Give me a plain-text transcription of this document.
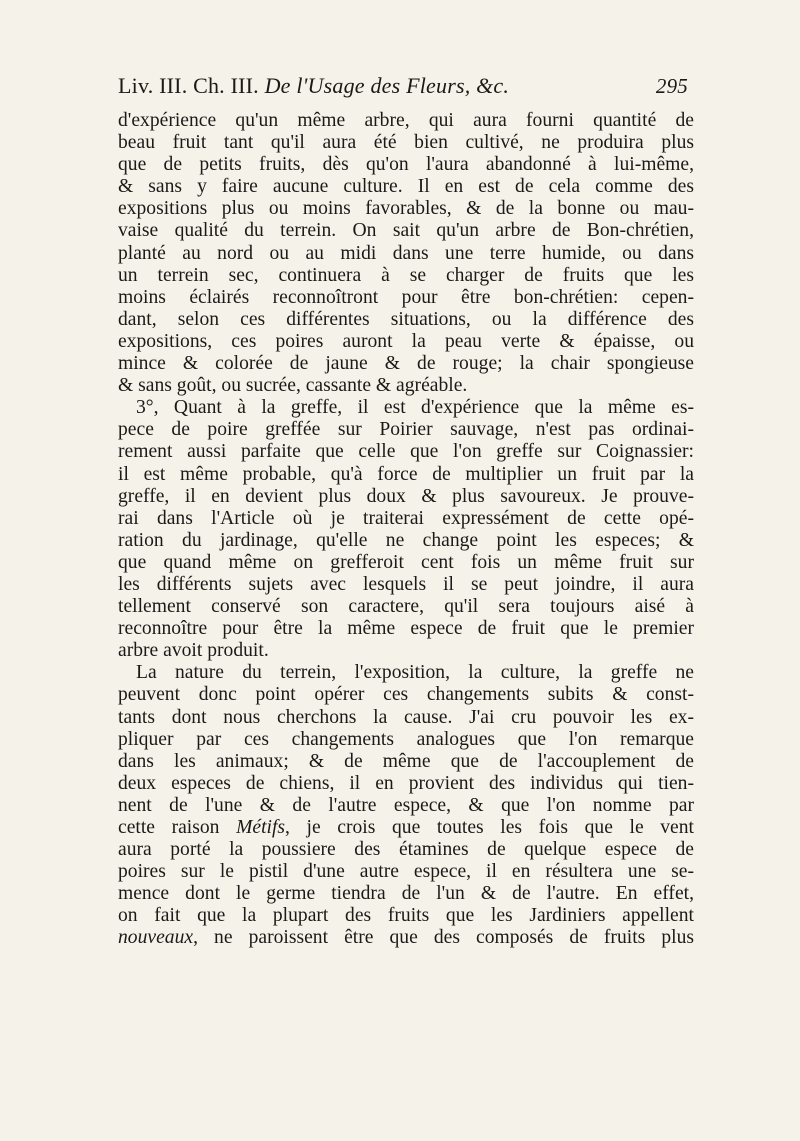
Liv. III. Ch. III. De l'Usage des Fleurs, &c.	295

d'expérience qu'un même arbre, qui aura fourni quantité de
beau fruit tant qu'il aura été bien cultivé, ne produira plus
que de petits fruits, dès qu'on l'aura abandonné à lui-même,
& sans y faire aucune culture. Il en est de cela comme des
expositions plus ou moins favorables, & de la bonne ou mau-
vaise qualité du terrein. On sait qu'un arbre de Bon-chrétien,
planté au nord ou au midi dans une terre humide, ou dans
un terrein sec, continuera à se charger de fruits que les
moins éclairés reconnoîtront pour être bon-chrétien: cepen-
dant, selon ces différentes situations, ou la différence des
expositions, ces poires auront la peau verte & épaisse, ou
mince & colorée de jaune & de rouge; la chair spongieuse
& sans goût, ou sucrée, cassante & agréable.

3°, Quant à la greffe, il est d'expérience que la même es-
pece de poire greffée sur Poirier sauvage, n'est pas ordinai-
rement aussi parfaite que celle que l'on greffe sur Coignassier:
il est même probable, qu'à force de multiplier un fruit par la
greffe, il en devient plus doux & plus savoureux. Je prouve-
rai dans l'Article où je traiterai expressément de cette opé-
ration du jardinage, qu'elle ne change point les especes; &
que quand même on grefferoit cent fois un même fruit sur
les différents sujets avec lesquels il se peut joindre, il aura
tellement conservé son caractere, qu'il sera toujours aisé à
reconnoître pour être la même espece de fruit que le premier
arbre avoit produit.

La nature du terrein, l'exposition, la culture, la greffe ne
peuvent donc point opérer ces changements subits & const-
tants dont nous cherchons la cause. J'ai cru pouvoir les ex-
pliquer par ces changements analogues que l'on remarque
dans les animaux; & de même que de l'accouplement de
deux especes de chiens, il en provient des individus qui tien-
nent de l'une & de l'autre espece, & que l'on nomme par
cette raison Métifs, je crois que toutes les fois que le vent
aura porté la poussiere des étamines de quelque espece de
poires sur le pistil d'une autre espece, il en résultera une se-
mence dont le germe tiendra de l'un & de l'autre. En effet,
on fait que la plupart des fruits que les Jardiniers appellent
nouveaux, ne paroissent être que des composés de fruits plus
